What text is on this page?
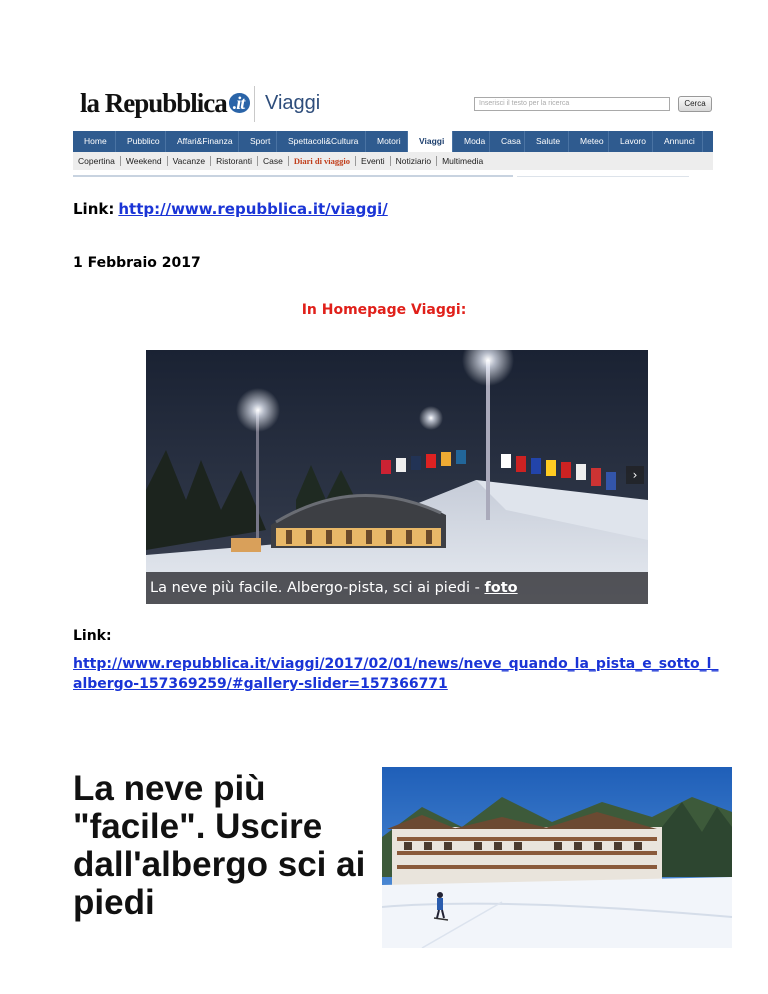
la Repubblica .it	Viaggi	Inserisci il testo per la ricerca	Cerca
Home	Pubblico	Affari&Finanza	Sport	Spettacoli&Cultura	Motori	Viaggi	Moda	Casa	Salute	Meteo	Lavoro	Annunci
Copertina	Weekend	Vacanze	Ristoranti	Case	Diari di viaggio	Eventi	Notiziario	Multimedia
Link: http://www.repubblica.it/viaggi/
1 Febbraio 2017
In Homepage Viaggi:
La neve più facile. Albergo-pista, sci ai piedi - foto
›
Link:
http://www.repubblica.it/viaggi/2017/02/01/news/neve_quando_la_pista_e_sotto_l_albergo-157369259/#gallery-slider=157366771
La neve più "facile". Uscire dall'albergo sci ai piedi
